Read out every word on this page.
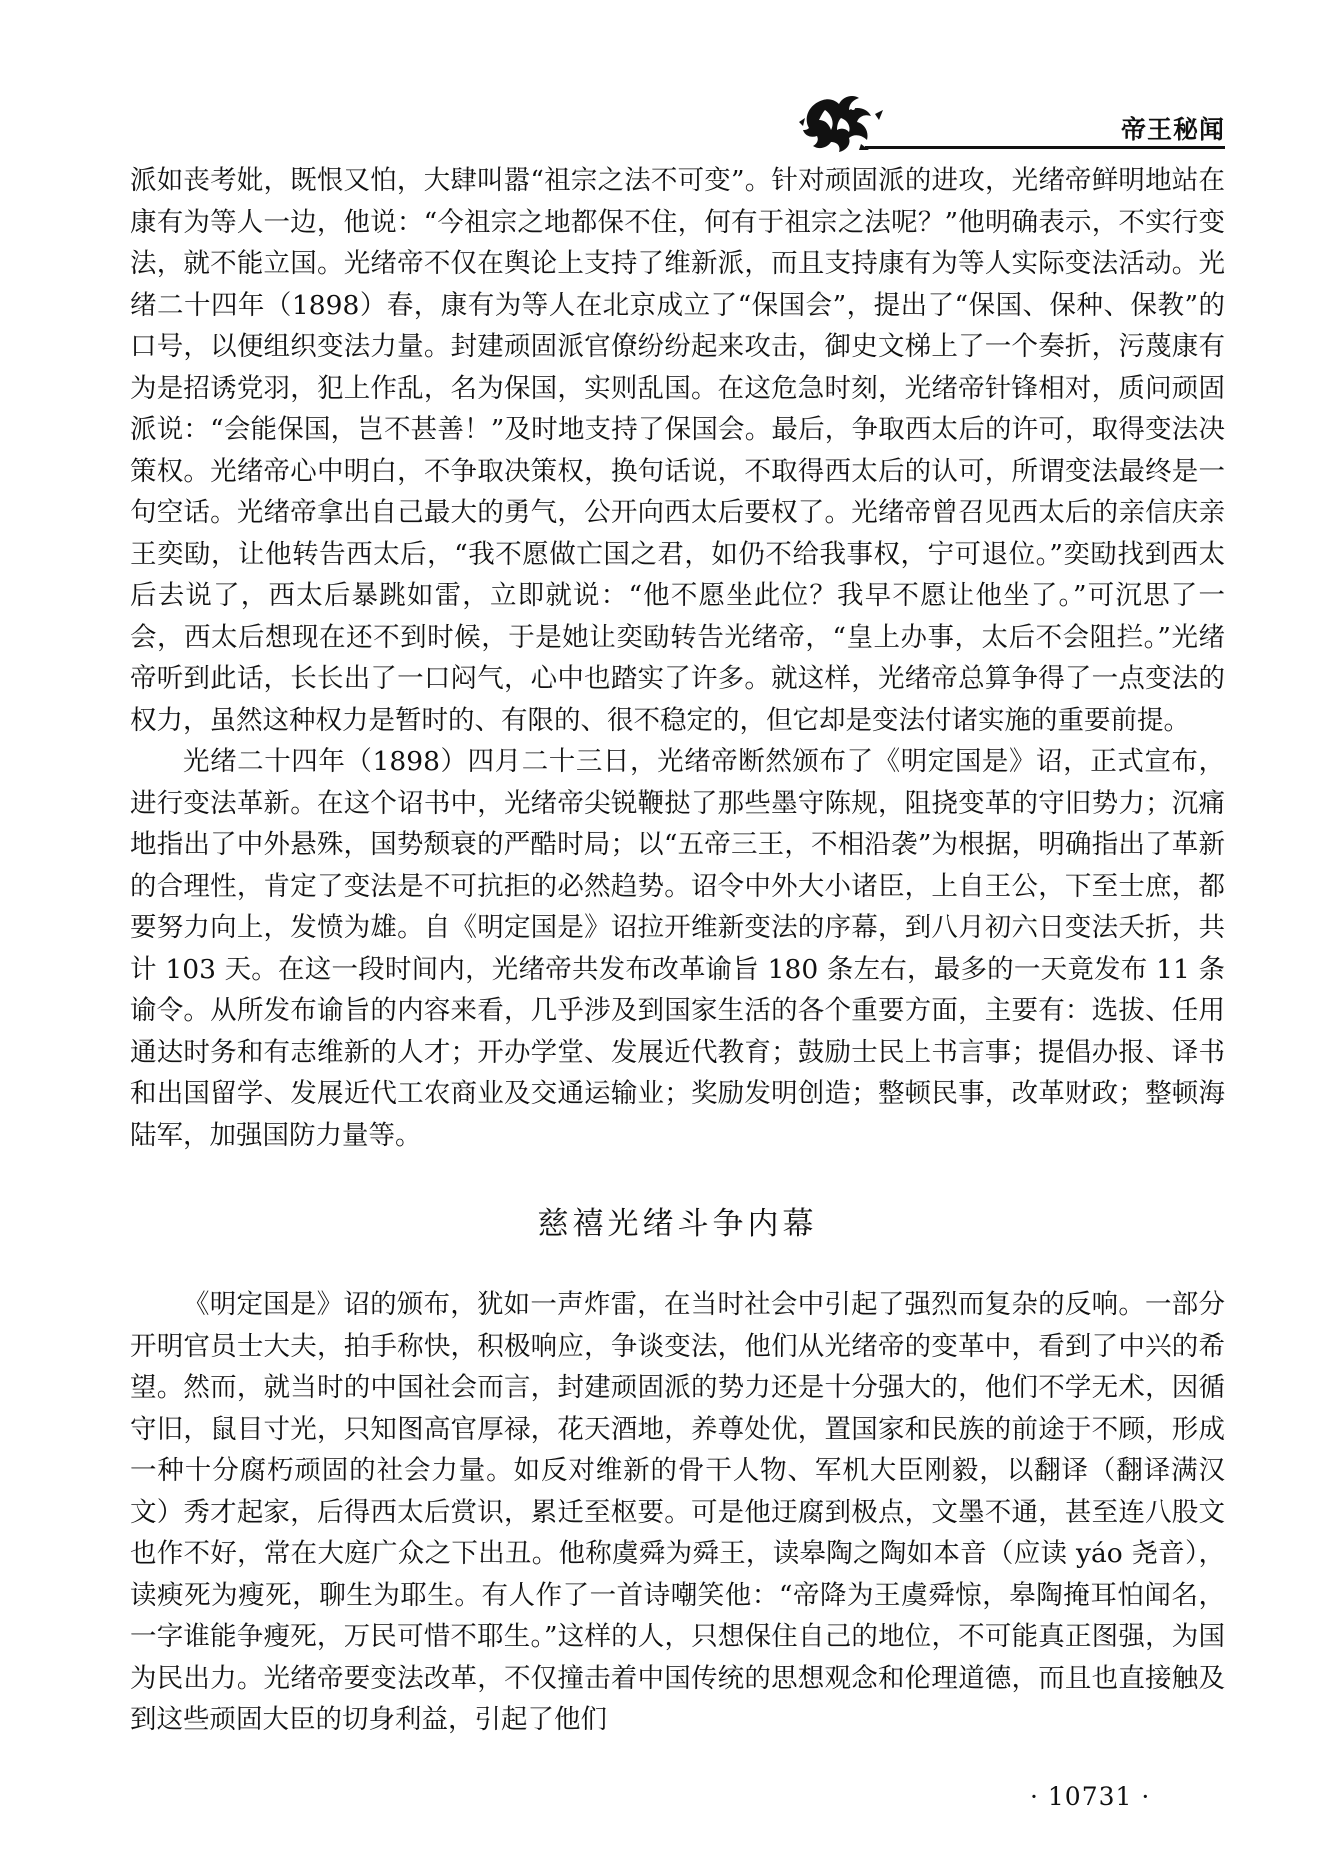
帝王秘闻

派如丧考妣，既恨又怕，大肆叫嚣“祖宗之法不可变”。针对顽固派的进攻，光绪帝鲜明地站在康有为等人一边，他说：“今祖宗之地都保不住，何有于祖宗之法呢？”他明确表示，不实行变法，就不能立国。光绪帝不仅在舆论上支持了维新派，而且支持康有为等人实际变法活动。光绪二十四年（1898）春，康有为等人在北京成立了“保国会”，提出了“保国、保种、保教”的口号，以便组织变法力量。封建顽固派官僚纷纷起来攻击，御史文梯上了一个奏折，污蔑康有为是招诱党羽，犯上作乱，名为保国，实则乱国。在这危急时刻，光绪帝针锋相对，质问顽固派说：“会能保国，岂不甚善！”及时地支持了保国会。最后，争取西太后的许可，取得变法决策权。光绪帝心中明白，不争取决策权，换句话说，不取得西太后的认可，所谓变法最终是一句空话。光绪帝拿出自己最大的勇气，公开向西太后要权了。光绪帝曾召见西太后的亲信庆亲王奕劻，让他转告西太后，“我不愿做亡国之君，如仍不给我事权，宁可退位。”奕劻找到西太后去说了，西太后暴跳如雷，立即就说：“他不愿坐此位？我早不愿让他坐了。”可沉思了一会，西太后想现在还不到时候，于是她让奕劻转告光绪帝，“皇上办事，太后不会阻拦。”光绪帝听到此话，长长出了一口闷气，心中也踏实了许多。就这样，光绪帝总算争得了一点变法的权力，虽然这种权力是暂时的、有限的、很不稳定的，但它却是变法付诸实施的重要前提。

光绪二十四年（1898）四月二十三日，光绪帝断然颁布了《明定国是》诏，正式宣布，进行变法革新。在这个诏书中，光绪帝尖锐鞭挞了那些墨守陈规，阻挠变革的守旧势力；沉痛地指出了中外悬殊，国势颓衰的严酷时局；以“五帝三王，不相沿袭”为根据，明确指出了革新的合理性，肯定了变法是不可抗拒的必然趋势。诏令中外大小诸臣，上自王公，下至士庶，都要努力向上，发愤为雄。自《明定国是》诏拉开维新变法的序幕，到八月初六日变法夭折，共计 103 天。在这一段时间内，光绪帝共发布改革谕旨 180 条左右，最多的一天竟发布 11 条谕令。从所发布谕旨的内容来看，几乎涉及到国家生活的各个重要方面，主要有：选拔、任用通达时务和有志维新的人才；开办学堂、发展近代教育；鼓励士民上书言事；提倡办报、译书和出国留学、发展近代工农商业及交通运输业；奖励发明创造；整顿民事，改革财政；整顿海陆军，加强国防力量等。

慈禧光绪斗争内幕

《明定国是》诏的颁布，犹如一声炸雷，在当时社会中引起了强烈而复杂的反响。一部分开明官员士大夫，拍手称快，积极响应，争谈变法，他们从光绪帝的变革中，看到了中兴的希望。然而，就当时的中国社会而言，封建顽固派的势力还是十分强大的，他们不学无术，因循守旧，鼠目寸光，只知图高官厚禄，花天酒地，养尊处优，置国家和民族的前途于不顾，形成一种十分腐朽顽固的社会力量。如反对维新的骨干人物、军机大臣刚毅，以翻译（翻译满汉文）秀才起家，后得西太后赏识，累迁至枢要。可是他迂腐到极点，文墨不通，甚至连八股文也作不好，常在大庭广众之下出丑。他称虞舜为舜王，读皋陶之陶如本音（应读 yáo 尧音），读瘐死为瘦死，聊生为耶生。有人作了一首诗嘲笑他：“帝降为王虞舜惊，皋陶掩耳怕闻名，一字谁能争瘦死，万民可惜不耶生。”这样的人，只想保住自己的地位，不可能真正图强，为国为民出力。光绪帝要变法改革，不仅撞击着中国传统的思想观念和伦理道德，而且也直接触及到这些顽固大臣的切身利益，引起了他们

· 10731 ·
